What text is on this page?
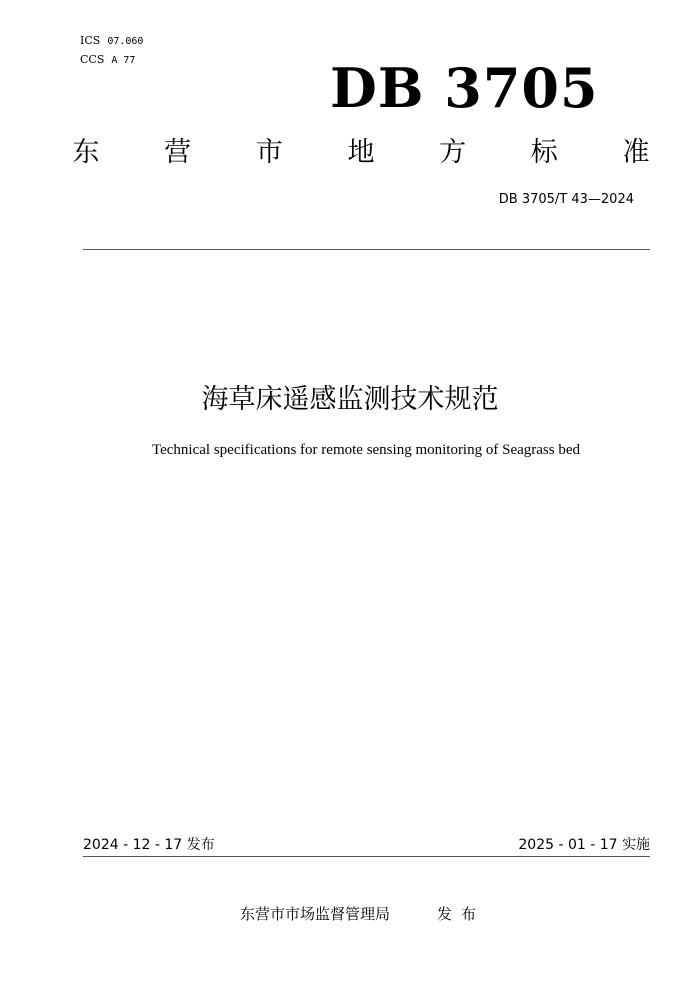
ICS 07.060
CCS A 77	DB 3705
东 营 市 地 方 标 准
DB 3705/T 43—2024
海草床遥感监测技术规范
Technical specifications for remote sensing monitoring of Seagrass bed
2024 - 12 - 17 发布	2025 - 01 - 17 实施
东营市市场监督管理局	发布
